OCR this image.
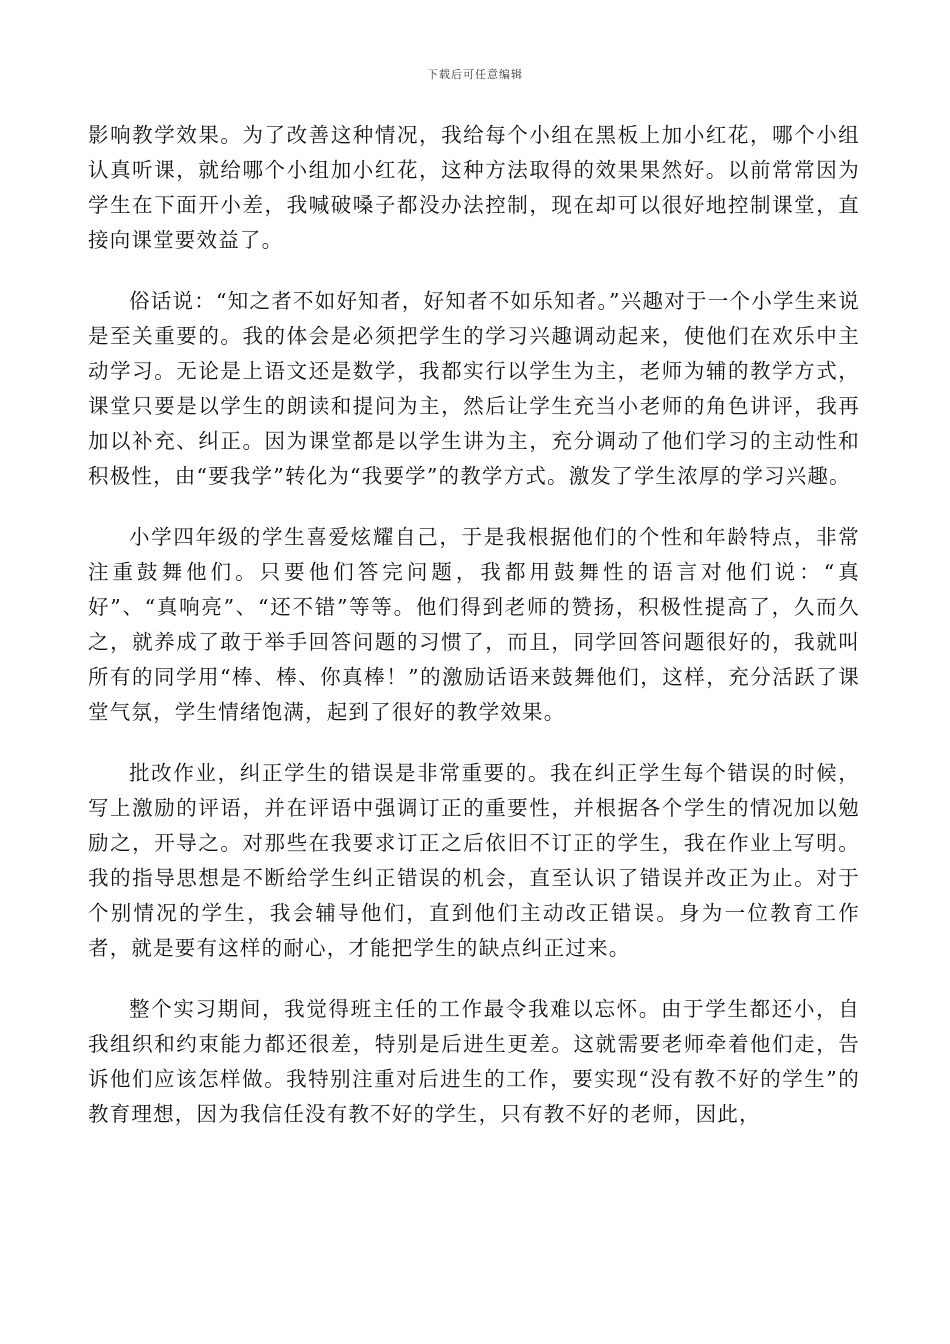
下载后可任意编辑

影响教学效果。为了改善这种情况，我给每个小组在黑板上加小红花，哪个小组认真听课，就给哪个小组加小红花，这种方法取得的效果果然好。以前常常因为学生在下面开小差，我喊破嗓子都没办法控制，现在却可以很好地控制课堂，直接向课堂要效益了。

俗话说：“知之者不如好知者，好知者不如乐知者。”兴趣对于一个小学生来说是至关重要的。我的体会是必须把学生的学习兴趣调动起来，使他们在欢乐中主动学习。无论是上语文还是数学，我都实行以学生为主，老师为辅的教学方式，课堂只要是以学生的朗读和提问为主，然后让学生充当小老师的角色讲评，我再加以补充、纠正。因为课堂都是以学生讲为主，充分调动了他们学习的主动性和积极性，由“要我学”转化为“我要学”的教学方式。激发了学生浓厚的学习兴趣。

小学四年级的学生喜爱炫耀自己，于是我根据他们的个性和年龄特点，非常注重鼓舞他们。只要他们答完问题，我都用鼓舞性的语言对他们说：“真好”、“真响亮”、“还不错”等等。他们得到老师的赞扬，积极性提高了，久而久之，就养成了敢于举手回答问题的习惯了，而且，同学回答问题很好的，我就叫所有的同学用“棒、棒、你真棒！”的激励话语来鼓舞他们，这样，充分活跃了课堂气氛，学生情绪饱满，起到了很好的教学效果。

批改作业，纠正学生的错误是非常重要的。我在纠正学生每个错误的时候，写上激励的评语，并在评语中强调订正的重要性，并根据各个学生的情况加以勉励之，开导之。对那些在我要求订正之后依旧不订正的学生，我在作业上写明。我的指导思想是不断给学生纠正错误的机会，直至认识了错误并改正为止。对于个别情况的学生，我会辅导他们，直到他们主动改正错误。身为一位教育工作者，就是要有这样的耐心，才能把学生的缺点纠正过来。

整个实习期间，我觉得班主任的工作最令我难以忘怀。由于学生都还小，自我组织和约束能力都还很差，特别是后进生更差。这就需要老师牵着他们走，告诉他们应该怎样做。我特别注重对后进生的工作，要实现“没有教不好的学生”的教育理想，因为我信任没有教不好的学生，只有教不好的老师，因此，
